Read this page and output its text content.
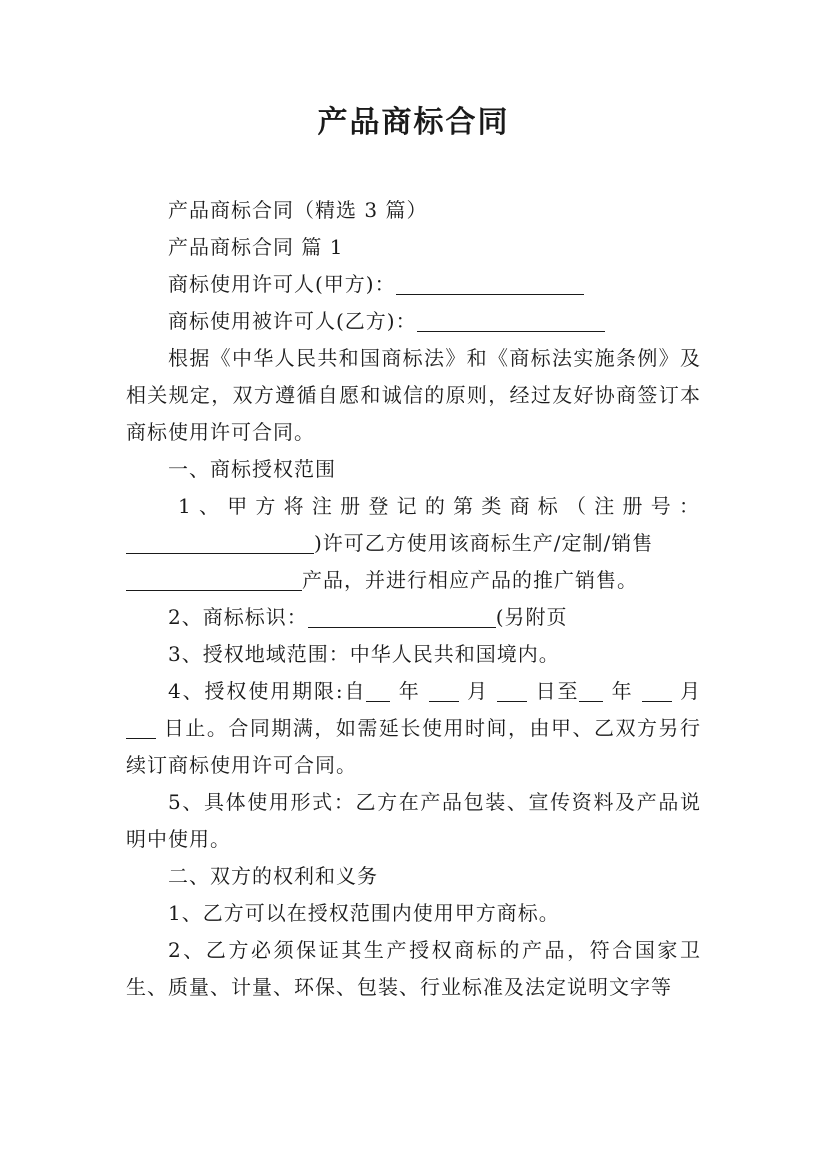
产品商标合同

产品商标合同（精选 3 篇）

产品商标合同 篇 1

商标使用许可人(甲方)：

商标使用被许可人(乙方)：

根据《中华人民共和国商标法》和《商标法实施条例》及相关规定，双方遵循自愿和诚信的原则，经过友好协商签订本商标使用许可合同。

一、商标授权范围

1、甲方将注册登记的第类商标（注册号：

)许可乙方使用该商标生产/定制/销售

产品，并进行相应产品的推广销售。

2、商标标识：	(另附页

3、授权地域范围：中华人民共和国境内。

4、授权使用期限:自 年 月 日至 年 月  日止。合同期满，如需延长使用时间，由甲、乙双方另行续订商标使用许可合同。

5、具体使用形式：乙方在产品包装、宣传资料及产品说明中使用。

二、双方的权利和义务

1、乙方可以在授权范围内使用甲方商标。

2、乙方必须保证其生产授权商标的产品，符合国家卫生、质量、计量、环保、包装、行业标准及法定说明文字等
